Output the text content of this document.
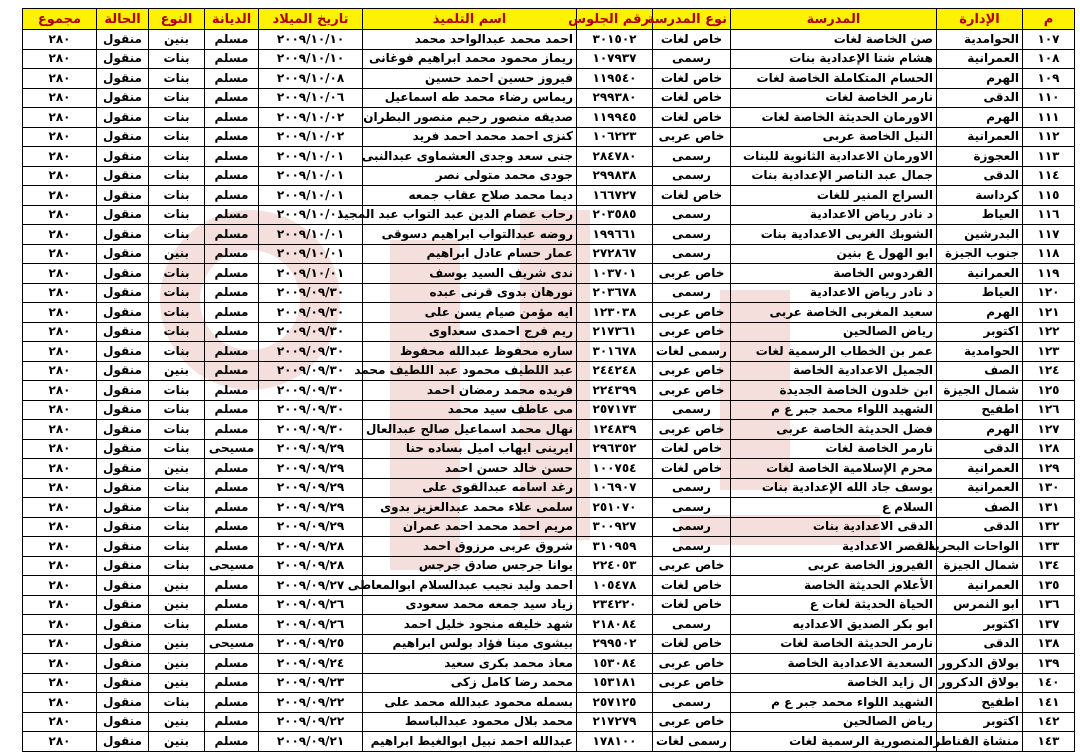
م	الإدارة	المدرسة	نوع المدرسة	رقم الجلوس	اسم التلميذ	تاريخ الميلاد	الديانة	النوع	الحالة	مجموع
١٠٧	الحوامدية	صن الخاصة لغات	خاص لغات	٣٠١٥٠٢	احمد محمد عبدالواحد محمد	٢٠٠٩/١٠/١٠	مسلم	بنين	منقول	٢٨٠
١٠٨	العمرانية	هشام شتا الإعدادية بنات	رسمى	١٠٧٩٣٧	ريماز محمود محمد ابراهيم فوغانى	٢٠٠٩/١٠/١٠	مسلم	بنات	منقول	٢٨٠
١٠٩	الهرم	الحسام المتكاملة الخاصة لغات	خاص لغات	١١٩٥٤٠	فيروز حسين احمد حسين	٢٠٠٩/١٠/٠٨	مسلم	بنات	منقول	٢٨٠
١١٠	الدقى	نارمر الخاصة لغات	خاص لغات	٢٩٩٣٨٠	ريماس رضاء محمد طه اسماعيل	٢٠٠٩/١٠/٠٦	مسلم	بنات	منقول	٢٨٠
١١١	الهرم	الاورمان الحديثة الخاصة لغات	خاص لغات	١١٩٩٤٥	صديقه منصور رحيم منصور البطران	٢٠٠٩/١٠/٠٢	مسلم	بنات	منقول	٢٨٠
١١٢	العمرانية	النيل الخاصة عربى	خاص عربى	١٠٦٢٢٣	كنزى احمد محمد احمد فريد	٢٠٠٩/١٠/٠٢	مسلم	بنات	منقول	٢٨٠
١١٣	العجوزة	الاورمان الاعدادية الثانوية للبنات	رسمى	٢٨٤٧٨٠	جنى سعد وجدى العشماوى عبدالنبى	٢٠٠٩/١٠/٠١	مسلم	بنات	منقول	٢٨٠
١١٤	الدقى	جمال عبد الناصر الإعدادية بنات	رسمى	٢٩٩٨٣٨	جودى محمد متولى نصر	٢٠٠٩/١٠/٠١	مسلم	بنات	منقول	٢٨٠
١١٥	كرداسة	السراج المنير للغات	خاص لغات	١٦٦٧٢٧	ديما محمد صلاح عقاب جمعه	٢٠٠٩/١٠/٠١	مسلم	بنات	منقول	٢٨٠
١١٦	العياط	د نادر رياض الاعدادية	رسمى	٢٠٣٥٨٥	رحاب عصام الدين عبد التواب عبد المجيد	٢٠٠٩/١٠/٠١	مسلم	بنات	منقول	٢٨٠
١١٧	البدرشين	الشوبك الغربى الاعدادية بنات	رسمى	١٩٩٦٦١	روضه عبدالتواب ابراهيم دسوقى	٢٠٠٩/١٠/٠١	مسلم	بنات	منقول	٢٨٠
١١٨	جنوب الجيزة	ابو الهول ع بنين	رسمى	٢٧٢٨٦٧	عمار حسام عادل ابراهيم	٢٠٠٩/١٠/٠١	مسلم	بنين	منقول	٢٨٠
١١٩	العمرانية	الفردوس الخاصة	خاص عربى	١٠٣٧٠١	ندى شريف السيد يوسف	٢٠٠٩/١٠/٠١	مسلم	بنات	منقول	٢٨٠
١٢٠	العياط	د نادر رياض الاعدادية	رسمى	٢٠٣٦٧٨	نورهان بدوى قرنى عبده	٢٠٠٩/٠٩/٣٠	مسلم	بنات	منقول	٢٨٠
١٢١	الهرم	سعيد المغربى الخاصة عربى	خاص عربى	١٢٣٠٣٨	ايه مؤمن صيام يسن على	٢٠٠٩/٠٩/٣٠	مسلم	بنات	منقول	٢٨٠
١٢٢	اكتوبر	رياض الصالحين	خاص عربى	٢١٧٣٦١	ريم فرج احمدى سعداوى	٢٠٠٩/٠٩/٣٠	مسلم	بنات	منقول	٢٨٠
١٢٣	الحوامدية	عمر بن الخطاب الرسمية لغات	رسمى لغات	٣٠١٦٧٨	ساره محفوظ عبدالله محفوظ	٢٠٠٩/٠٩/٣٠	مسلم	بنات	منقول	٢٨٠
١٢٤	الصف	الجميل الاعدادية الخاصة	خاص عربى	٢٤٤٢٤٨	عبد اللطيف محمود عبد اللطيف محمد	٢٠٠٩/٠٩/٣٠	مسلم	بنين	منقول	٢٨٠
١٢٥	شمال الجيزة	ابن خلدون الخاصة الجديدة	خاص عربى	٢٢٤٣٩٩	فريده محمد رمضان احمد	٢٠٠٩/٠٩/٣٠	مسلم	بنات	منقول	٢٨٠
١٢٦	اطفيح	الشهيد اللواء محمد جبر ع م	رسمى	٢٥٧١٧٣	مى عاطف سيد محمد	٢٠٠٩/٠٩/٣٠	مسلم	بنات	منقول	٢٨٠
١٢٧	الهرم	فضل الحديثة الخاصة عربى	خاص عربى	١٢٤٨٣٩	نهال محمد اسماعيل صالح عبدالعال	٢٠٠٩/٠٩/٣٠	مسلم	بنات	منقول	٢٨٠
١٢٨	الدقى	نارمر الخاصة لغات	خاص لغات	٢٩٦٣٥٢	ايرينى ايهاب اميل بساده حنا	٢٠٠٩/٠٩/٢٩	مسيحى	بنات	منقول	٢٨٠
١٢٩	العمرانية	محرم الإسلامية الخاصة لغات	خاص لغات	١٠٠٧٥٤	حسن خالد حسن احمد	٢٠٠٩/٠٩/٢٩	مسلم	بنين	منقول	٢٨٠
١٣٠	العمرانية	يوسف جاد الله الإعدادية بنات	رسمى	١٠٦٩٠٧	رغد اسامه عبدالقوى على	٢٠٠٩/٠٩/٢٩	مسلم	بنات	منقول	٢٨٠
١٣١	الصف	السلام ع	رسمى	٢٥١٠٧٠	سلمى علاء محمد عبدالعزيز بدوى	٢٠٠٩/٠٩/٢٩	مسلم	بنات	منقول	٢٨٠
١٣٢	الدقى	الدقى الاعدادية بنات	رسمى	٣٠٠٩٢٧	مريم احمد محمد احمد عمران	٢٠٠٩/٠٩/٢٩	مسلم	بنات	منقول	٢٨٠
١٣٣	الواحات البحرية	القصر الاعدادية	رسمى	٣١٠٩٥٩	شروق عربى مرزوق احمد	٢٠٠٩/٠٩/٢٨	مسلم	بنات	منقول	٢٨٠
١٣٤	شمال الجيزة	الفيروز الخاصة عربى	خاص عربى	٢٢٤٠٥٣	يوانا جرجس صادق جرجس	٢٠٠٩/٠٩/٢٨	مسيحى	بنات	منقول	٢٨٠
١٣٥	العمرانية	الأعلام الحديثة الخاصة	خاص لغات	١٠٥٤٧٨	احمد وليد نجيب عبدالسلام ابوالمعاطى	٢٠٠٩/٠٩/٢٧	مسلم	بنين	منقول	٢٨٠
١٣٦	ابو النمرس	الحياة الحديثة لغات ع	خاص لغات	٢٣٤٢٢٠	زياد سيد جمعه محمد سعودى	٢٠٠٩/٠٩/٢٦	مسلم	بنين	منقول	٢٨٠
١٣٧	اكتوبر	ابو بكر الصديق الاعداديه	رسمى	٢١٨٠٨٤	شهد خليفه منجود خليل احمد	٢٠٠٩/٠٩/٢٦	مسلم	بنات	منقول	٢٨٠
١٣٨	الدقى	نارمر الحديثة الخاصة لغات	خاص لغات	٢٩٩٥٠٢	بيشوى مينا فؤاد بولس ابراهيم	٢٠٠٩/٠٩/٢٥	مسيحى	بنين	منقول	٢٨٠
١٣٩	بولاق الدكرور	السعدية الاعدادية الخاصة	خاص عربى	١٥٣٠٨٤	معاذ محمد بكرى سعيد	٢٠٠٩/٠٩/٢٤	مسلم	بنين	منقول	٢٨٠
١٤٠	بولاق الدكرور	ال زايد الخاصة	خاص عربى	١٥٣١٨١	محمد رضا كامل زكى	٢٠٠٩/٠٩/٢٣	مسلم	بنين	منقول	٢٨٠
١٤١	اطفيح	الشهيد اللواء محمد جبر ع م	رسمى	٢٥٧١٢٥	بسمله محمود عبدالله محمد على	٢٠٠٩/٠٩/٢٢	مسلم	بنات	منقول	٢٨٠
١٤٢	اكتوبر	رياض الصالحين	خاص عربى	٢١٧٢٧٩	محمد بلال محمود عبدالباسط	٢٠٠٩/٠٩/٢٢	مسلم	بنين	منقول	٢٨٠
١٤٣	منشاة القناطر	المنصورية الرسمية لغات	رسمى لغات	١٧٨١٠٠	عبدالله احمد نبيل ابوالغيط ابراهيم	٢٠٠٩/٠٩/٢١	مسلم	بنين	منقول	٢٨٠
